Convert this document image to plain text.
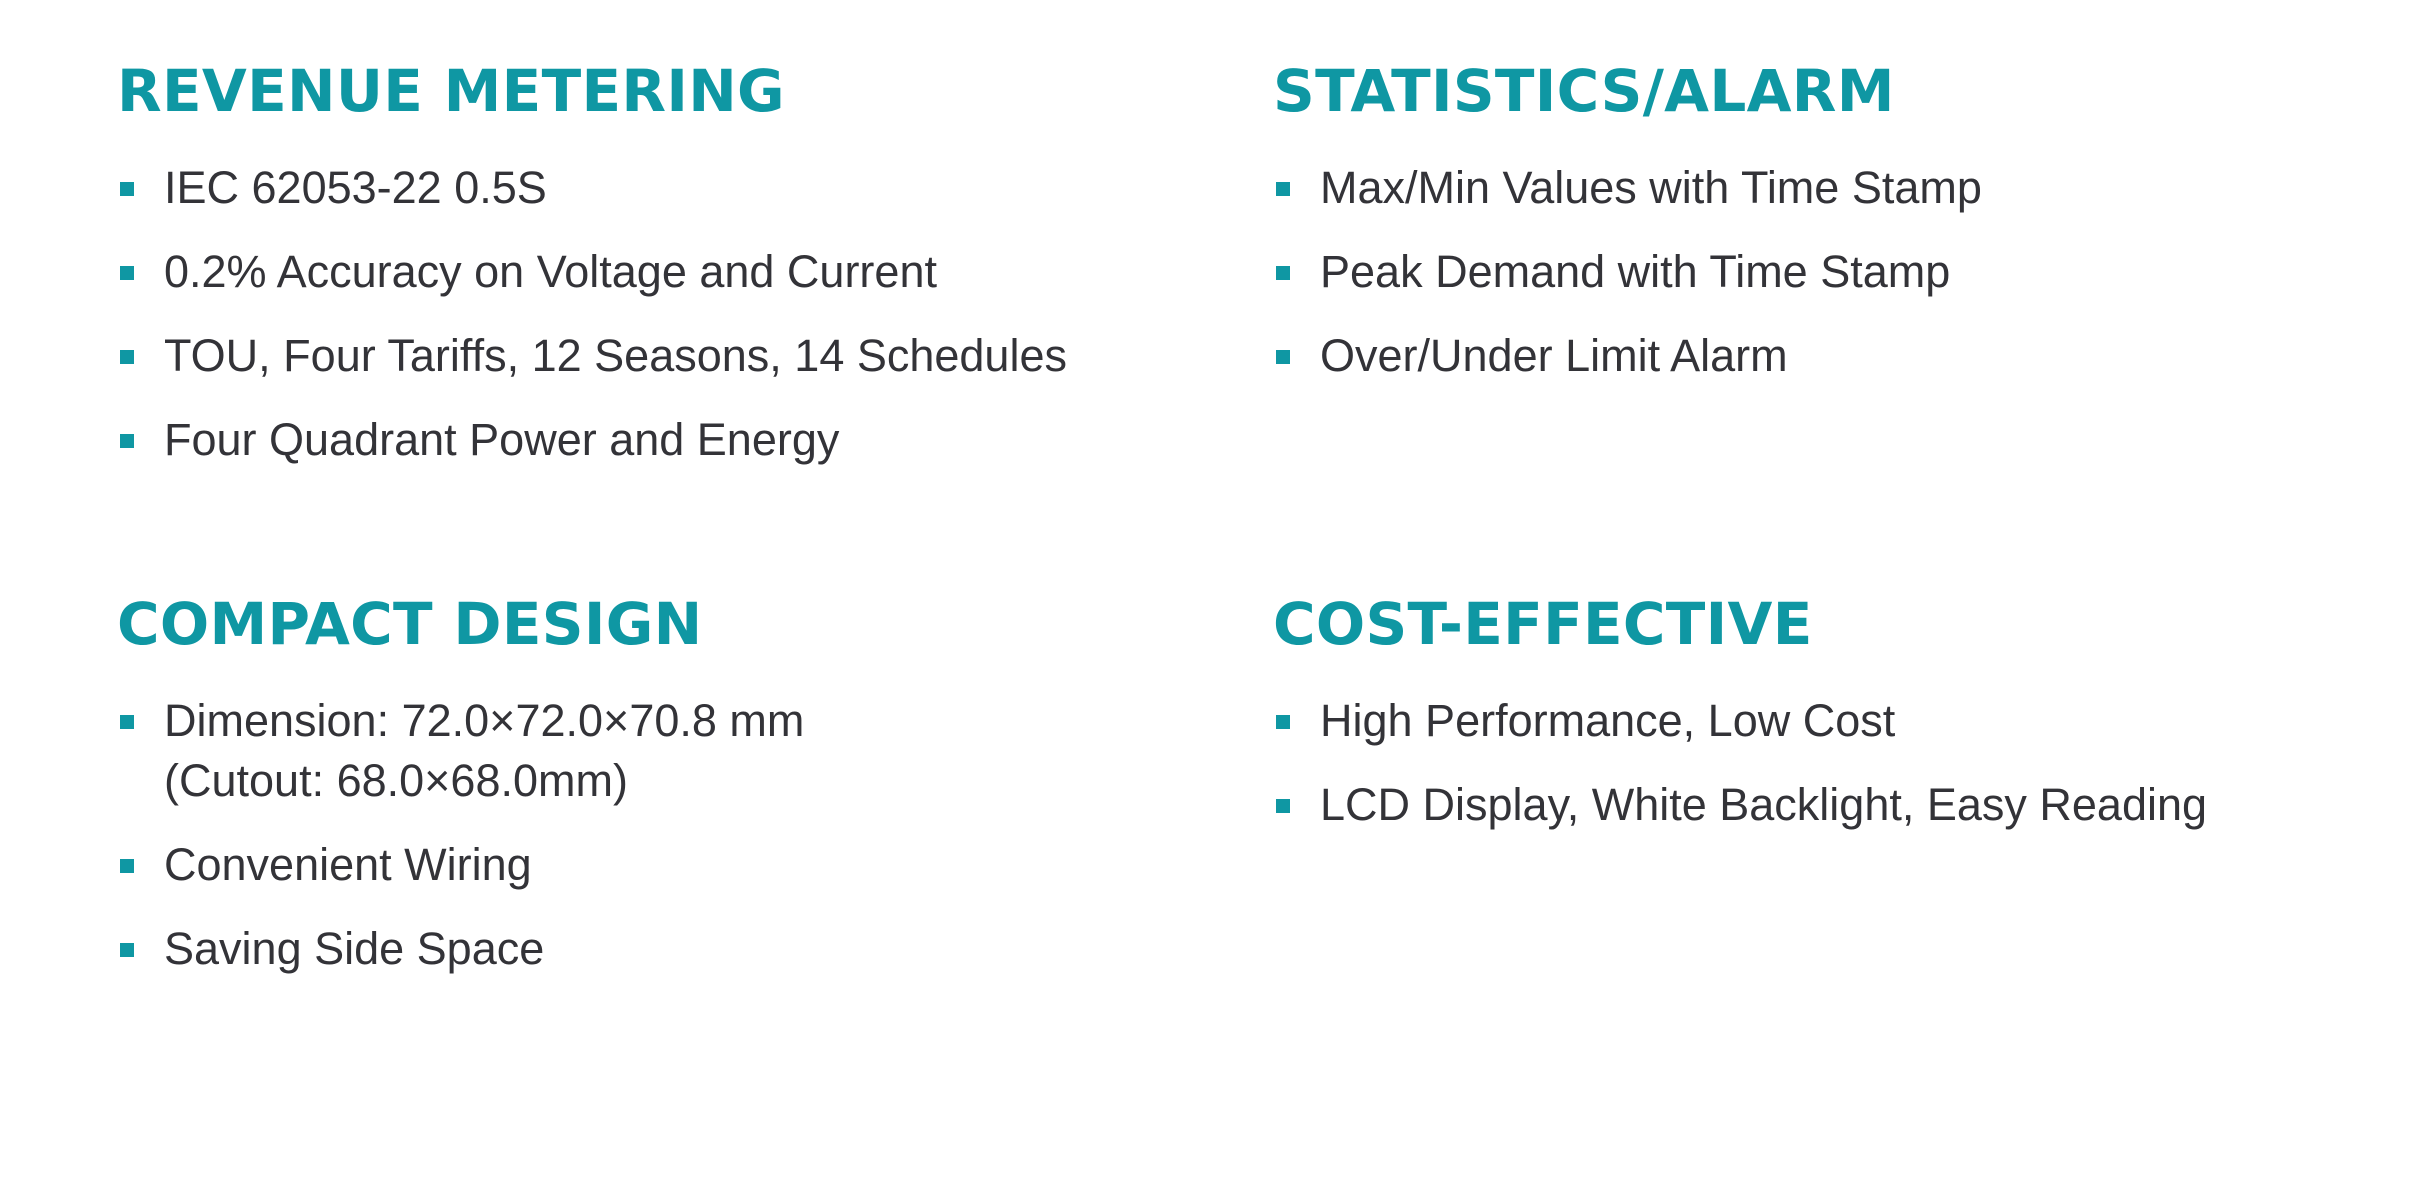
REVENUE METERING
IEC 62053-22 0.5S
0.2% Accuracy on Voltage and Current
TOU, Four Tariffs, 12 Seasons, 14 Schedules
Four Quadrant Power and Energy
STATISTICS/ALARM
Max/Min Values with Time Stamp
Peak Demand with Time Stamp
Over/Under Limit Alarm
COMPACT DESIGN
Dimension: 72.0×72.0×70.8 mm
(Cutout: 68.0×68.0mm)
Convenient Wiring
Saving Side Space
COST-EFFECTIVE
High Performance, Low Cost
LCD Display, White Backlight, Easy Reading
